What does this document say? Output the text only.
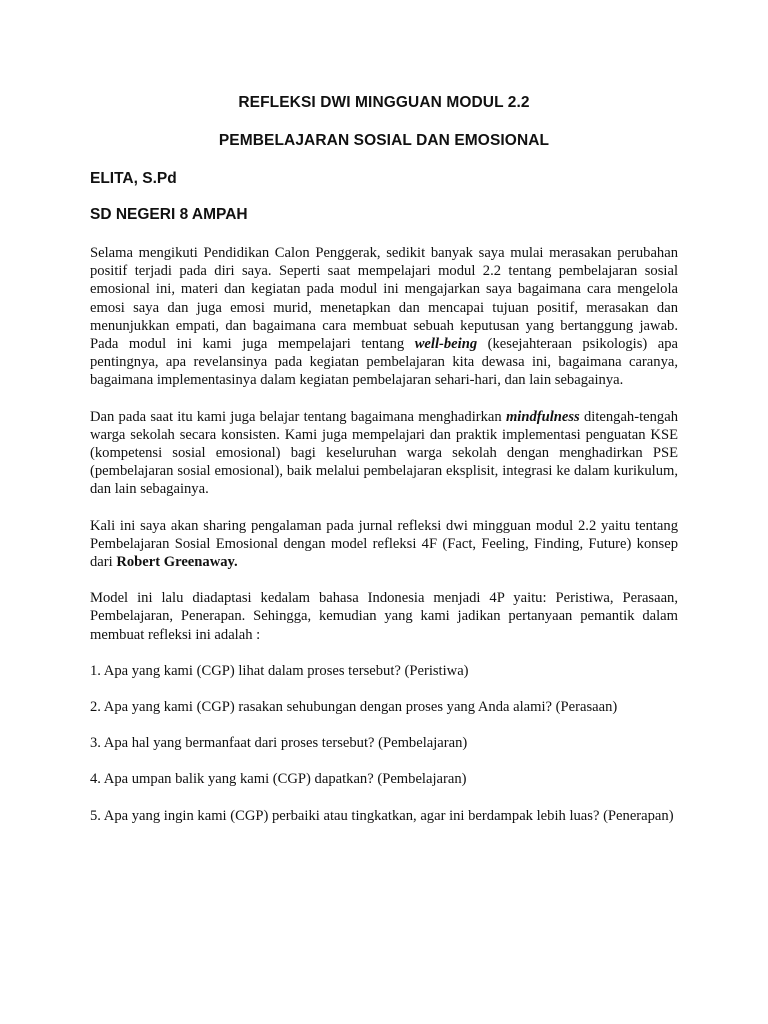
REFLEKSI DWI MINGGUAN MODUL 2.2
PEMBELAJARAN SOSIAL DAN EMOSIONAL
ELITA, S.Pd
SD NEGERI 8 AMPAH

Selama mengikuti Pendidikan Calon Penggerak, sedikit banyak saya mulai merasakan perubahan positif terjadi pada diri saya. Seperti saat mempelajari modul 2.2 tentang pembelajaran sosial emosional ini, materi dan kegiatan pada modul ini mengajarkan saya bagaimana cara mengelola emosi saya dan juga emosi murid, menetapkan dan mencapai tujuan positif, merasakan dan menunjukkan empati, dan bagaimana cara membuat sebuah keputusan yang bertanggung jawab. Pada modul ini kami juga mempelajari tentang well-being (kesejahteraan psikologis) apa pentingnya, apa revelansinya pada kegiatan pembelajaran kita dewasa ini, bagaimana caranya, bagaimana implementasinya dalam kegiatan pembelajaran sehari-hari, dan lain sebagainya.

Dan pada saat itu kami juga belajar tentang bagaimana menghadirkan mindfulness ditengah-tengah warga sekolah secara konsisten. Kami juga mempelajari dan praktik implementasi penguatan KSE (kompetensi sosial emosional) bagi keseluruhan warga sekolah dengan menghadirkan PSE (pembelajaran sosial emosional), baik melalui pembelajaran eksplisit, integrasi ke dalam kurikulum, dan lain sebagainya.

Kali ini saya akan sharing pengalaman pada jurnal refleksi dwi mingguan modul 2.2 yaitu tentang Pembelajaran Sosial Emosional dengan model refleksi 4F (Fact, Feeling, Finding, Future) konsep dari Robert Greenaway.

Model ini lalu diadaptasi kedalam bahasa Indonesia menjadi 4P yaitu: Peristiwa, Perasaan, Pembelajaran, Penerapan. Sehingga, kemudian yang kami jadikan pertanyaan pemantik dalam membuat refleksi ini adalah :

1. Apa yang kami (CGP) lihat dalam proses tersebut? (Peristiwa)

2. Apa yang kami (CGP) rasakan sehubungan dengan proses yang Anda alami? (Perasaan)

3. Apa hal yang bermanfaat dari proses tersebut? (Pembelajaran)

4. Apa umpan balik yang kami (CGP) dapatkan? (Pembelajaran)

5. Apa yang ingin kami (CGP) perbaiki atau tingkatkan, agar ini berdampak lebih luas? (Penerapan)
